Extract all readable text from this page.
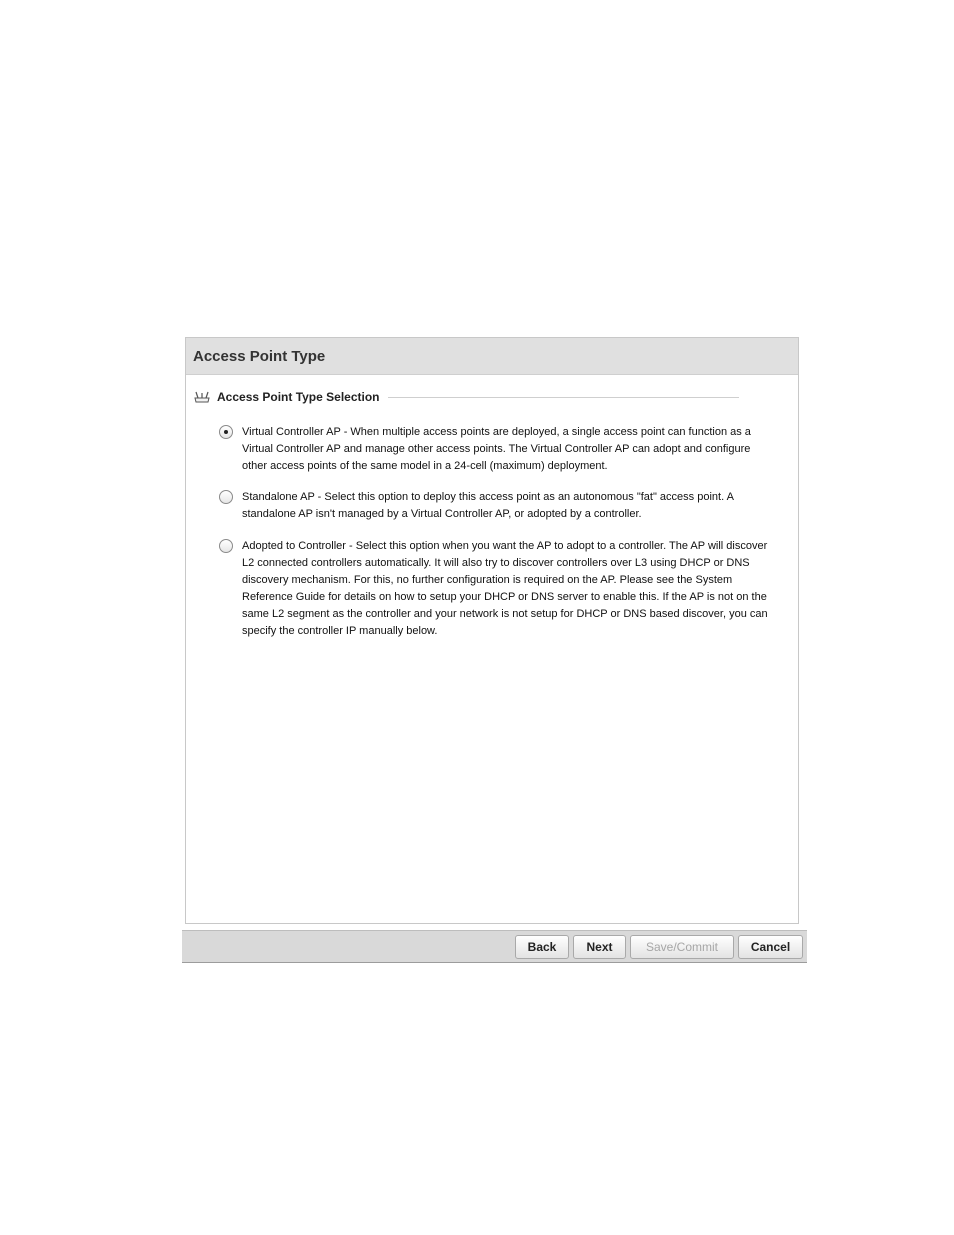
Access Point Type
Access Point Type Selection
Virtual Controller AP - When multiple access points are deployed, a single access point can function as a Virtual Controller AP and manage other access points. The Virtual Controller AP can adopt and configure other access points of the same model in a 24-cell (maximum) deployment.
Standalone AP - Select this option to deploy this access point as an autonomous "fat" access point. A standalone AP isn't managed by a Virtual Controller AP, or adopted by a controller.
Adopted to Controller - Select this option when you want the AP to adopt to a controller. The AP will discover L2 connected controllers automatically. It will also try to discover controllers over L3 using DHCP or DNS discovery mechanism. For this, no further configuration is required on the AP. Please see the System Reference Guide for details on how to setup your DHCP or DNS server to enable this. If the AP is not on the same L2 segment as the controller and your network is not setup for DHCP or DNS based discover, you can specify the controller IP manually below.
Back	Next	Save/Commit	Cancel
